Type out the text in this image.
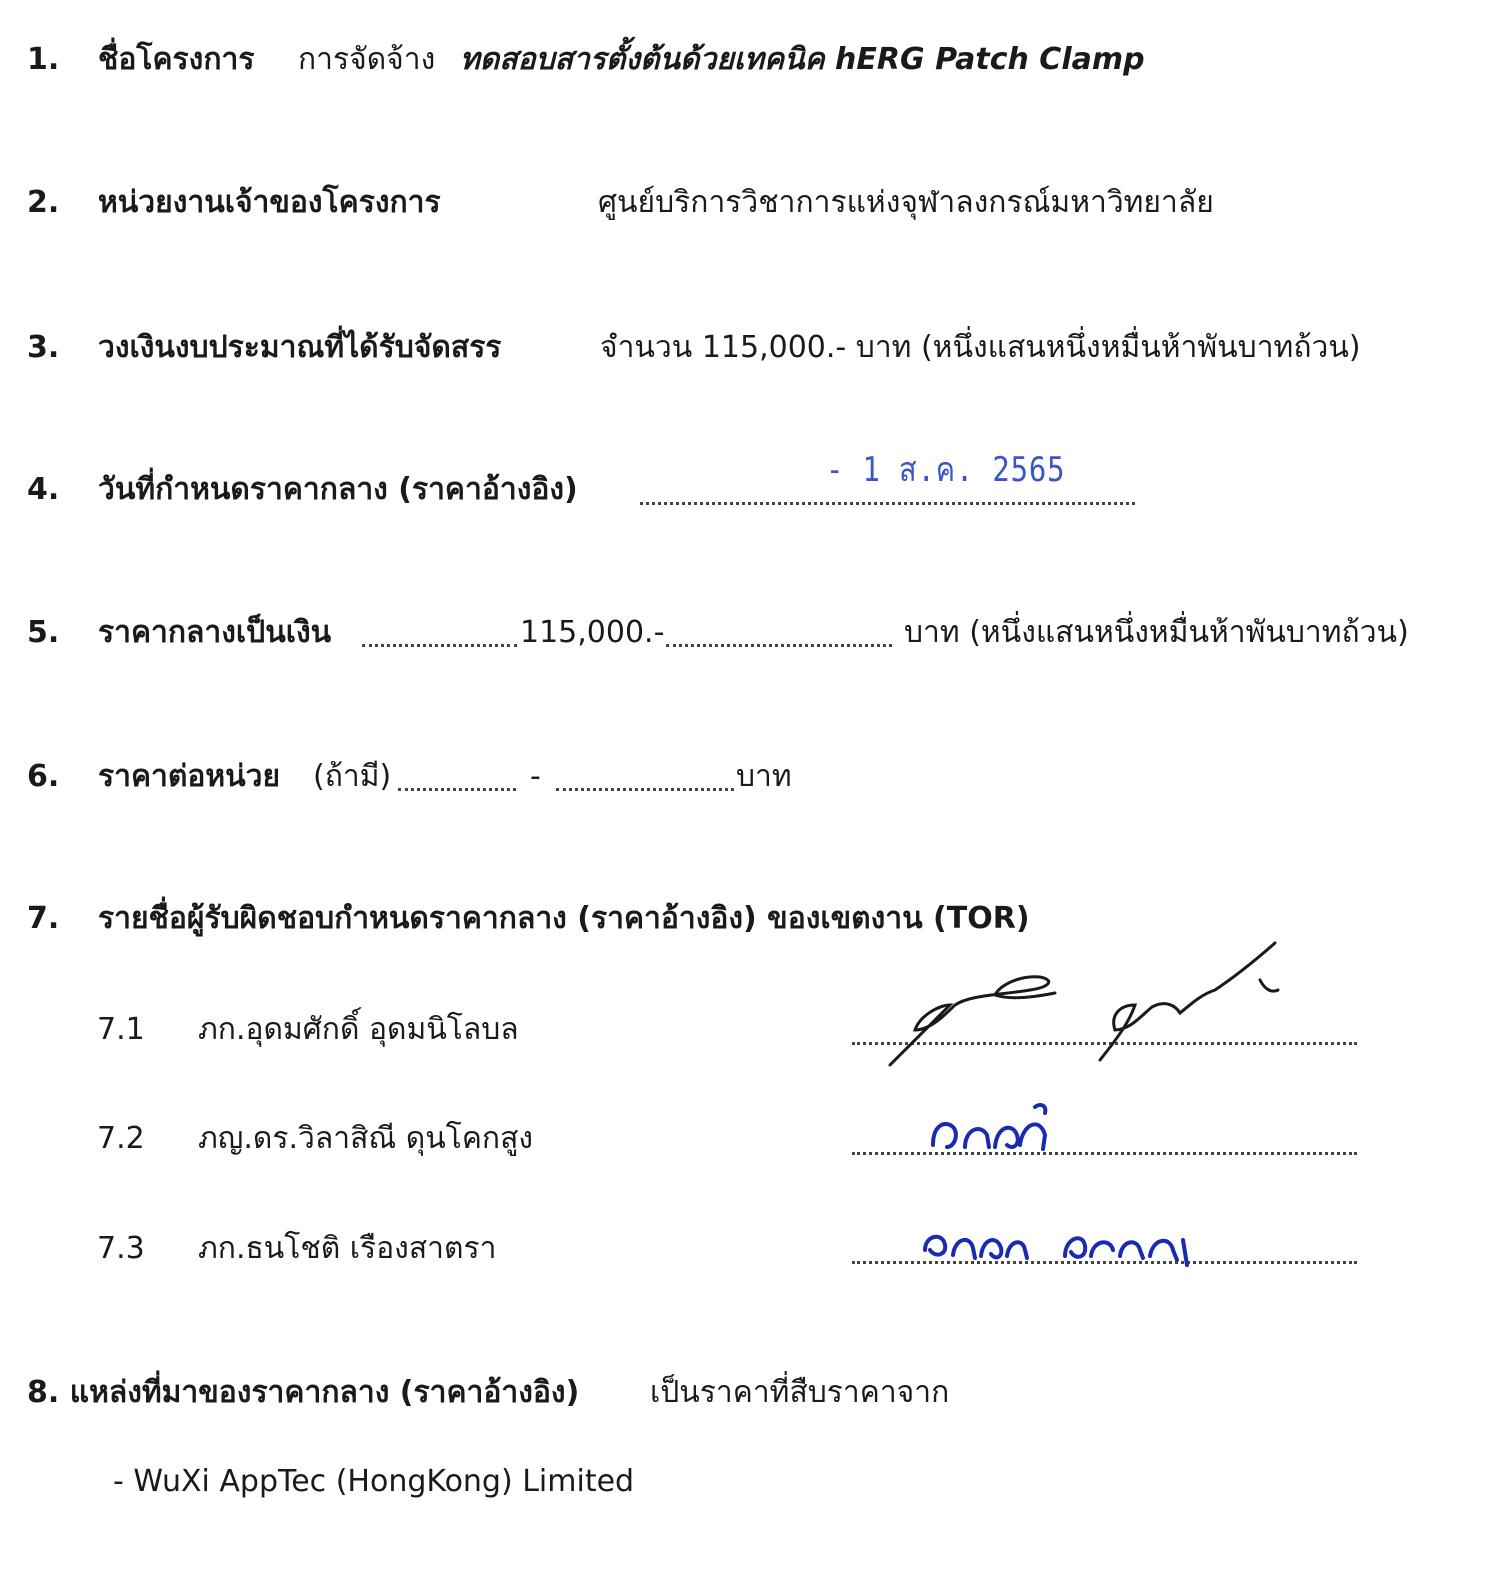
1. ชื่อโครงการ การจัดจ้าง ทดสอบสารตั้งต้นด้วยเทคนิค hERG Patch Clamp
2. หน่วยงานเจ้าของโครงการ	ศูนย์บริการวิชาการแห่งจุฬาลงกรณ์มหาวิทยาลัย
3. วงเงินงบประมาณที่ได้รับจัดสรร	จำนวน 115,000.- บาท (หนึ่งแสนหนึ่งหมื่นห้าพันบาทถ้วน)
4. วันที่กำหนดราคากลาง (ราคาอ้างอิง)	- 1 ส.ค. 2565
5. ราคากลางเป็นเงิน	115,000.-	บาท (หนึ่งแสนหนึ่งหมื่นห้าพันบาทถ้วน)
6. ราคาต่อหน่วย (ถ้ามี)	-	บาท
7. รายชื่อผู้รับผิดชอบกำหนดราคากลาง (ราคาอ้างอิง) ของเขตงาน (TOR)
7.1 ภก.อุดมศักดิ์ อุดมนิโลบล
7.2 ภญ.ดร.วิลาสิณี ดุนโคกสูง
7.3 ภก.ธนโชติ เรืองสาตรา
8. แหล่งที่มาของราคากลาง (ราคาอ้างอิง) เป็นราคาที่สืบราคาจาก
- WuXi AppTec (HongKong) Limited
